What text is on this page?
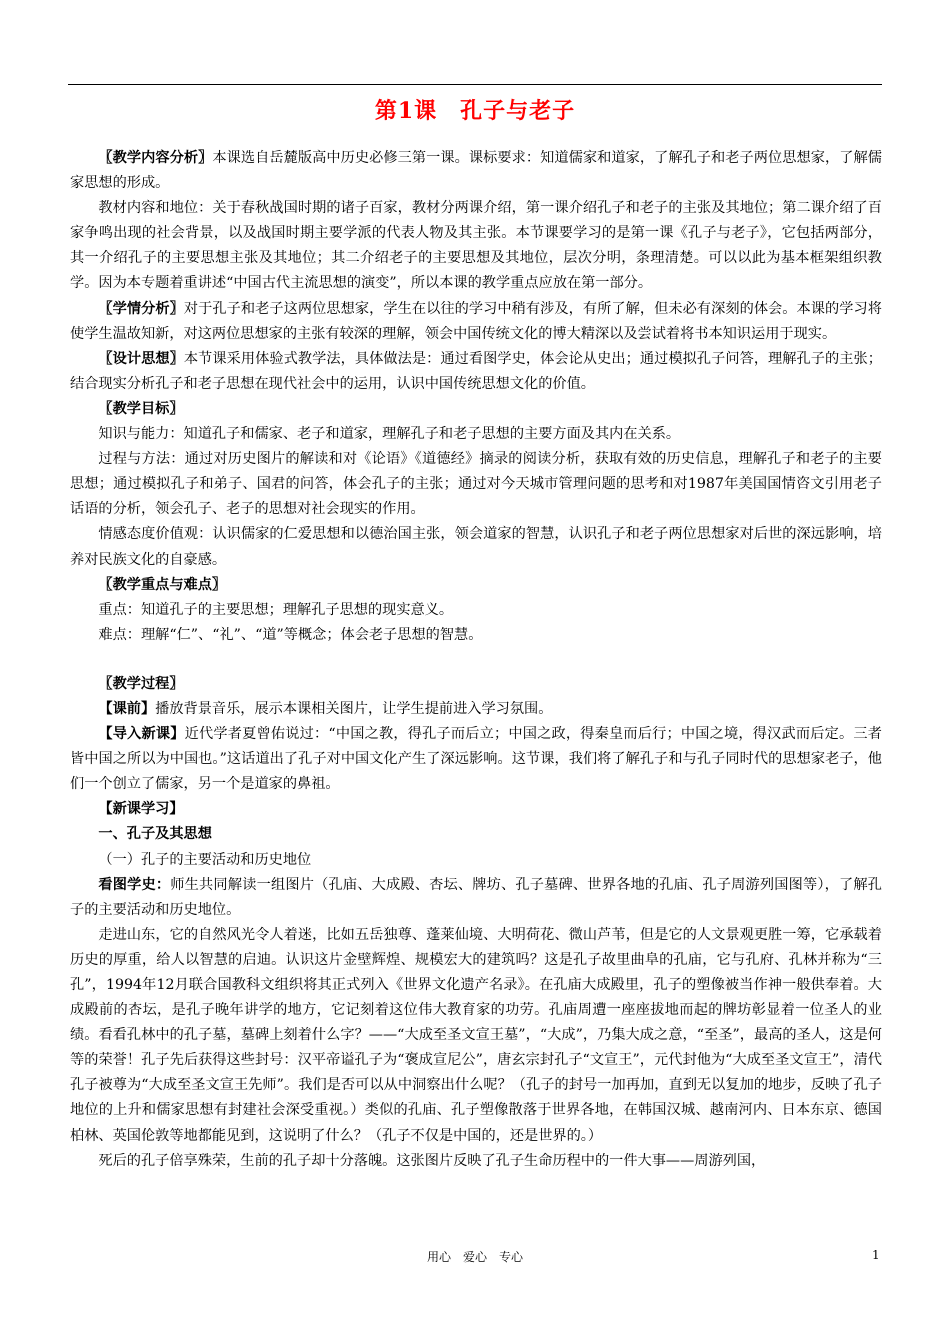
第1课　孔子与老子

〖教学内容分析〗本课选自岳麓版高中历史必修三第一课。课标要求：知道儒家和道家，了解孔子和老子两位思想家，了解儒家思想的形成。

教材内容和地位：关于春秋战国时期的诸子百家，教材分两课介绍，第一课介绍孔子和老子的主张及其地位；第二课介绍了百家争鸣出现的社会背景，以及战国时期主要学派的代表人物及其主张。本节课要学习的是第一课《孔子与老子》，它包括两部分，其一介绍孔子的主要思想主张及其地位；其二介绍老子的主要思想及其地位，层次分明，条理清楚。可以以此为基本框架组织教学。因为本专题着重讲述“中国古代主流思想的演变”，所以本课的教学重点应放在第一部分。

〖学情分析〗对于孔子和老子这两位思想家，学生在以往的学习中稍有涉及，有所了解，但未必有深刻的体会。本课的学习将使学生温故知新，对这两位思想家的主张有较深的理解，领会中国传统文化的博大精深以及尝试着将书本知识运用于现实。

〖设计思想〗本节课采用体验式教学法，具体做法是：通过看图学史，体会论从史出；通过模拟孔子问答，理解孔子的主张；结合现实分析孔子和老子思想在现代社会中的运用，认识中国传统思想文化的价值。

〖教学目标〗

知识与能力：知道孔子和儒家、老子和道家，理解孔子和老子思想的主要方面及其内在关系。

过程与方法：通过对历史图片的解读和对《论语》《道德经》摘录的阅读分析，获取有效的历史信息，理解孔子和老子的主要思想；通过模拟孔子和弟子、国君的问答，体会孔子的主张；通过对今天城市管理问题的思考和对1987年美国国情咨文引用老子话语的分析，领会孔子、老子的思想对社会现实的作用。

情感态度价值观：认识儒家的仁爱思想和以德治国主张，领会道家的智慧，认识孔子和老子两位思想家对后世的深远影响，培养对民族文化的自豪感。

〖教学重点与难点〗

重点：知道孔子的主要思想；理解孔子思想的现实意义。

难点：理解“仁”、“礼”、“道”等概念；体会老子思想的智慧。

〖教学过程〗

【课前】播放背景音乐，展示本课相关图片，让学生提前进入学习氛围。

【导入新课】近代学者夏曾佑说过：“中国之教，得孔子而后立；中国之政，得秦皇而后行；中国之境，得汉武而后定。三者皆中国之所以为中国也。”这话道出了孔子对中国文化产生了深远影响。这节课，我们将了解孔子和与孔子同时代的思想家老子，他们一个创立了儒家，另一个是道家的鼻祖。

【新课学习】

一、孔子及其思想

（一）孔子的主要活动和历史地位

看图学史：师生共同解读一组图片（孔庙、大成殿、杏坛、牌坊、孔子墓碑、世界各地的孔庙、孔子周游列国图等），了解孔子的主要活动和历史地位。

走进山东，它的自然风光令人着迷，比如五岳独尊、蓬莱仙境、大明荷花、微山芦苇，但是它的人文景观更胜一筹，它承载着历史的厚重，给人以智慧的启迪。认识这片金壁辉煌、规模宏大的建筑吗？这是孔子故里曲阜的孔庙，它与孔府、孔林并称为“三孔”，1994年12月联合国教科文组织将其正式列入《世界文化遗产名录》。在孔庙大成殿里，孔子的塑像被当作神一般供奉着。大成殿前的杏坛，是孔子晚年讲学的地方，它记刻着这位伟大教育家的功劳。孔庙周遭一座座拔地而起的牌坊彰显着一位圣人的业绩。看看孔林中的孔子墓，墓碑上刻着什么字？——“大成至圣文宣王墓”，“大成”，乃集大成之意，“至圣”，最高的圣人，这是何等的荣誉！孔子先后获得这些封号：汉平帝谥孔子为“褒成宣尼公”，唐玄宗封孔子“文宣王”，元代封他为“大成至圣文宣王”，清代孔子被尊为“大成至圣文宣王先师”。我们是否可以从中洞察出什么呢？（孔子的封号一加再加，直到无以复加的地步，反映了孔子地位的上升和儒家思想有封建社会深受重视。）类似的孔庙、孔子塑像散落于世界各地，在韩国汉城、越南河内、日本东京、德国柏林、英国伦敦等地都能见到，这说明了什么？（孔子不仅是中国的，还是世界的。）

死后的孔子倍享殊荣，生前的孔子却十分落魄。这张图片反映了孔子生命历程中的一件大事——周游列国，

用心　爱心　专心	1
